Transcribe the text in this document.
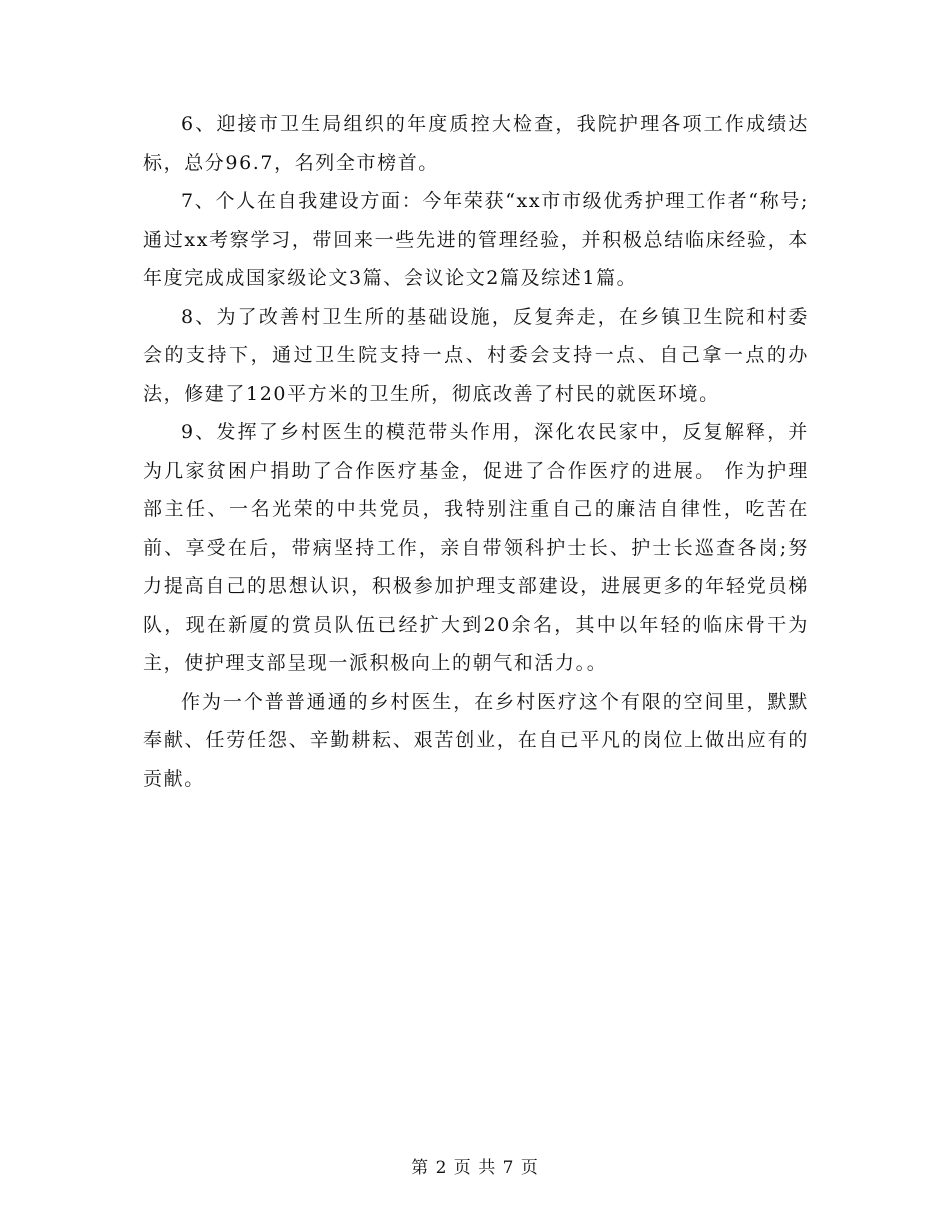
6、迎接市卫生局组织的年度质控大检查，我院护理各项工作成绩达标，总分96.7，名列全市榜首。

7、个人在自我建设方面：今年荣获“xx市市级优秀护理工作者“称号;通过xx考察学习，带回来一些先进的管理经验，并积极总结临床经验，本年度完成成国家级论文3篇、会议论文2篇及综述1篇。

8、为了改善村卫生所的基础设施，反复奔走，在乡镇卫生院和村委会的支持下，通过卫生院支持一点、村委会支持一点、自己拿一点的办法，修建了120平方米的卫生所，彻底改善了村民的就医环境。

9、发挥了乡村医生的模范带头作用，深化农民家中，反复解释，并为几家贫困户捐助了合作医疗基金，促进了合作医疗的进展。 作为护理部主任、一名光荣的中共党员，我特别注重自己的廉洁自律性，吃苦在前、享受在后，带病坚持工作，亲自带领科护士长、护士长巡查各岗;努力提高自己的思想认识，积极参加护理支部建设，进展更多的年轻党员梯队，现在新厦的赏员队伍已经扩大到20余名，其中以年轻的临床骨干为主，使护理支部呈现一派积极向上的朝气和活力。。

作为一个普普通通的乡村医生，在乡村医疗这个有限的空间里，默默奉献、任劳任怨、辛勤耕耘、艰苦创业，在自已平凡的岗位上做出应有的贡献。

第 2 页 共 7 页
